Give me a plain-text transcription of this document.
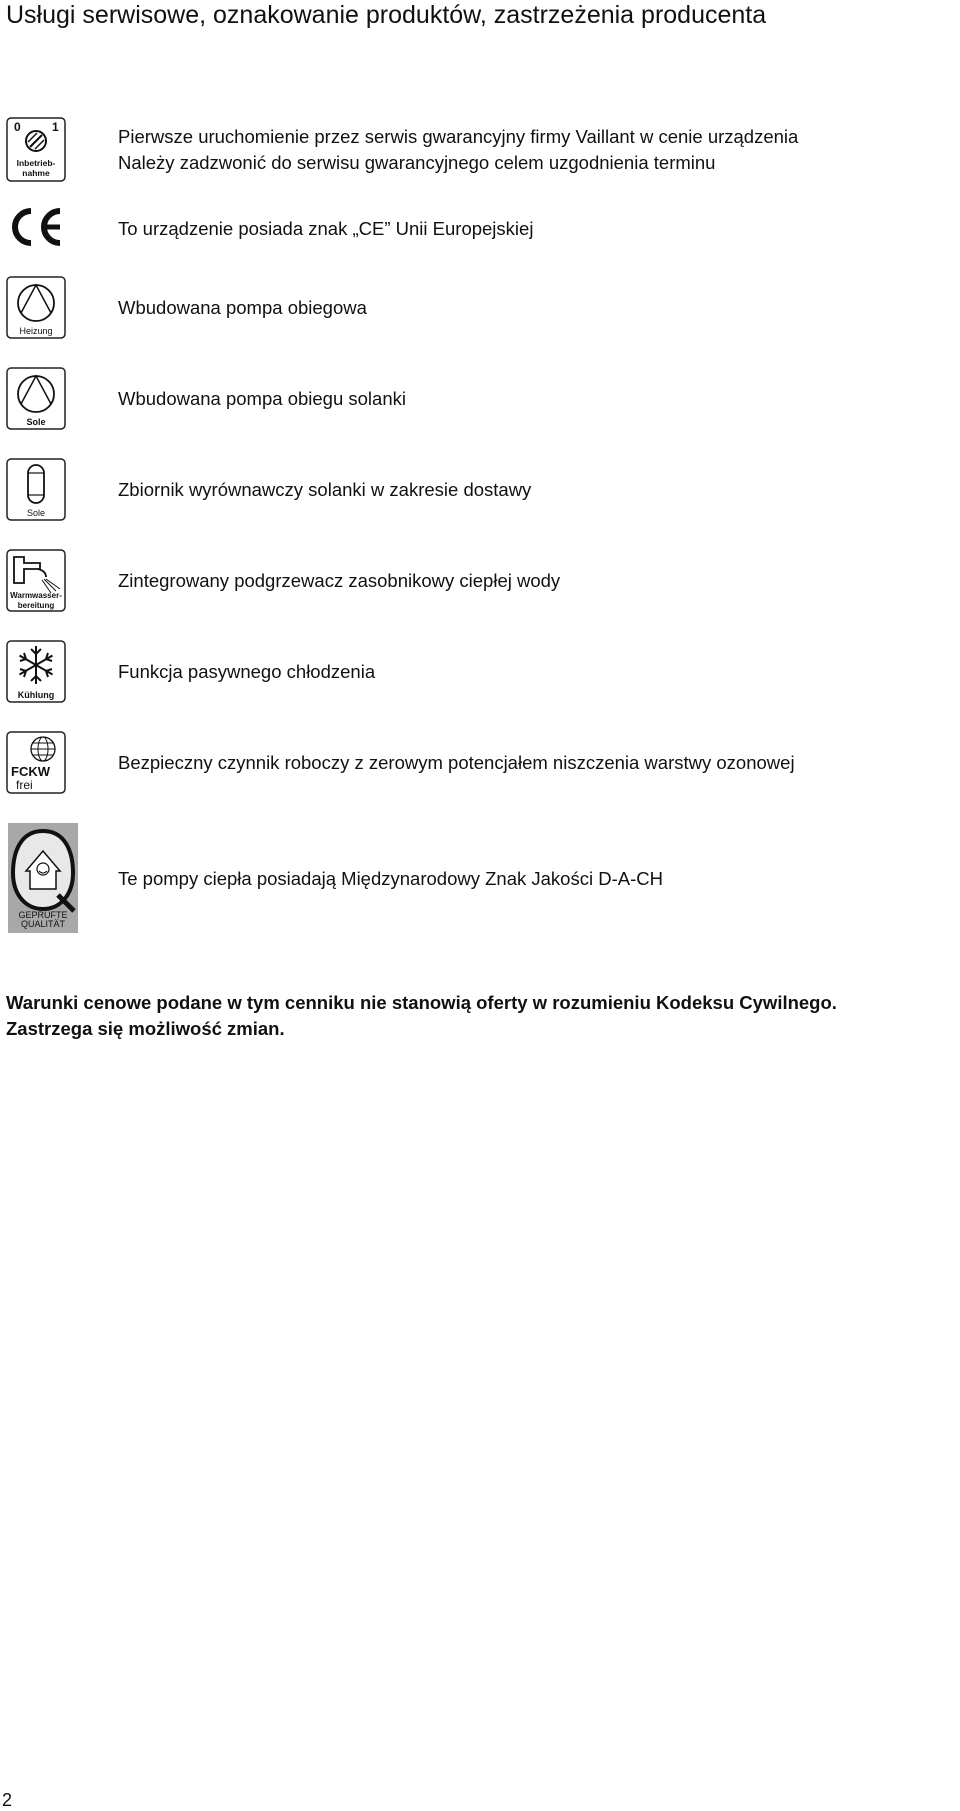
Usługi serwisowe, oznakowanie produktów, zastrzeżenia producenta
0	1
Inbetrieb-
nahme
Pierwsze uruchomienie przez serwis gwarancyjny firmy Vaillant w cenie urządzenia
Należy zadzwonić do serwisu gwarancyjnego celem uzgodnienia terminu
To urządzenie posiada znak „CE” Unii Europejskiej
Heizung
Wbudowana pompa obiegowa
Sole
Wbudowana pompa obiegu solanki
Sole
Zbiornik wyrównawczy solanki w zakresie dostawy
Warmwasser-
bereitung
Zintegrowany podgrzewacz zasobnikowy ciepłej wody
Kühlung
Funkcja pasywnego chłodzenia
FCKW
frei
Bezpieczny czynnik roboczy z zerowym potencjałem niszczenia warstwy ozonowej
GEPRÜFTE
QUALITÄT
Te pompy ciepła posiadają Międzynarodowy Znak Jakości D-A-CH
Warunki cenowe podane w tym cenniku nie stanowią oferty w rozumieniu Kodeksu Cywilnego.
Zastrzega się możliwość zmian.
2
